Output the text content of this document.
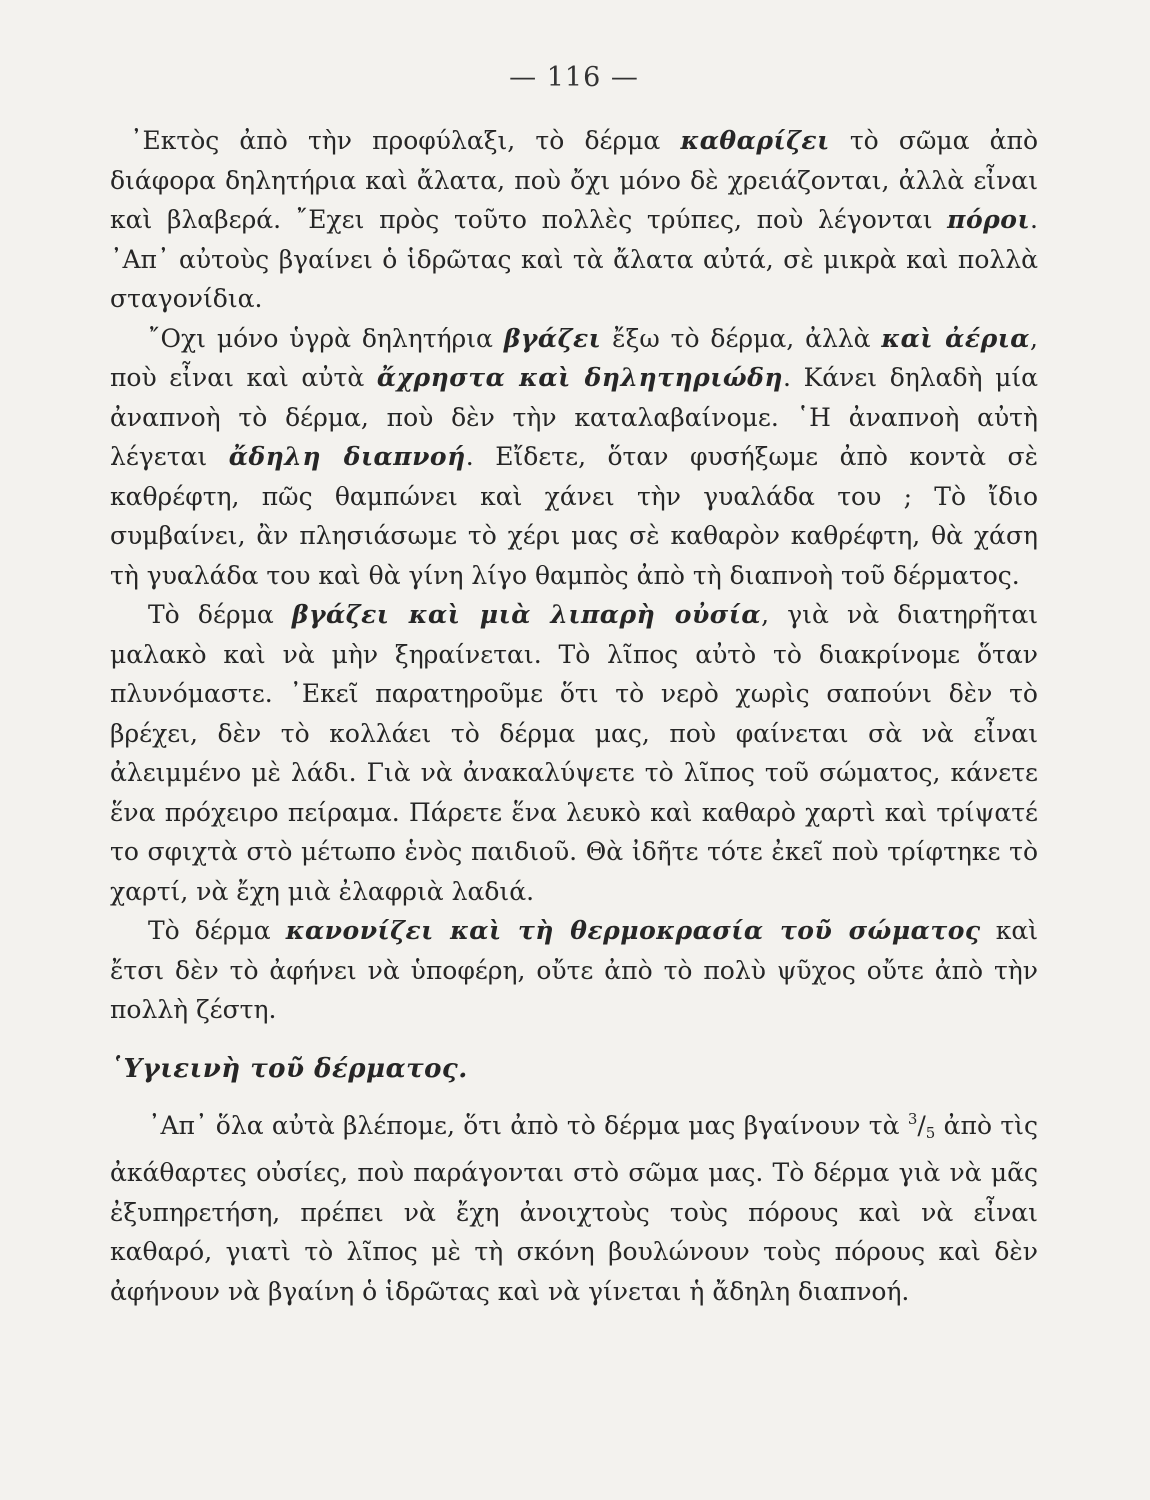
— 116 —

᾿Εκτὸς ἀπὸ τὴν προφύλαξι, τὸ δέρμα καθαρίζει τὸ σῶμα ἀπὸ διάφορα δηλητήρια καὶ ἄλατα, ποὺ ὄχι μόνο δὲ χρειάζονται, ἀλλὰ εἶναι καὶ βλαβερά. ῎Εχει πρὸς τοῦτο πολλὲς τρύπες, ποὺ λέγονται πόροι. ᾿Απ᾿ αὐτοὺς βγαίνει ὁ ἱδρῶτας καὶ τὰ ἄλατα αὐτά, σὲ μικρὰ καὶ πολλὰ σταγονίδια.

῎Οχι μόνο ὑγρὰ δηλητήρια βγάζει ἔξω τὸ δέρμα, ἀλλὰ καὶ ἀέρια, ποὺ εἶναι καὶ αὐτὰ ἄχρηστα καὶ δηλητηριώδη. Κάνει δηλαδὴ μία ἀναπνοὴ τὸ δέρμα, ποὺ δὲν τὴν καταλαβαίνομε. ῾Η ἀναπνοὴ αὐτὴ λέγεται ἄδηλη διαπνοή. Εἴδετε, ὅταν φυσήξωμε ἀπὸ κοντὰ σὲ καθρέφτη, πῶς θαμπώνει καὶ χάνει τὴν γυαλάδα του ; Τὸ ἴδιο συμβαίνει, ἂν πλησιάσωμε τὸ χέρι μας σὲ καθαρὸν καθρέφτη, θὰ χάση τὴ γυαλάδα του καὶ θὰ γίνη λίγο θαμπὸς ἀπὸ τὴ διαπνοὴ τοῦ δέρματος.

Τὸ δέρμα βγάζει καὶ μιὰ λιπαρὴ οὐσία, γιὰ νὰ διατηρῆται μαλακὸ καὶ νὰ μὴν ξηραίνεται. Τὸ λῖπος αὐτὸ τὸ διακρίνομε ὅταν πλυνόμαστε. ᾿Εκεῖ παρατηροῦμε ὅτι τὸ νερὸ χωρὶς σαπούνι δὲν τὸ βρέχει, δὲν τὸ κολλάει τὸ δέρμα μας, ποὺ φαίνεται σὰ νὰ εἶναι ἀλειμμένο μὲ λάδι. Γιὰ νὰ ἀνακαλύψετε τὸ λῖπος τοῦ σώματος, κάνετε ἕνα πρόχειρο πείραμα. Πάρετε ἕνα λευκὸ καὶ καθαρὸ χαρτὶ καὶ τρίψατέ το σφιχτὰ στὸ μέτωπο ἑνὸς παιδιοῦ. Θὰ ἰδῆτε τότε ἐκεῖ ποὺ τρίφτηκε τὸ χαρτί, νὰ ἔχη μιὰ ἐλαφριὰ λαδιά.

Τὸ δέρμα κανονίζει καὶ τὴ θερμοκρασία τοῦ σώματος καὶ ἔτσι δὲν τὸ ἀφήνει νὰ ὑποφέρη, οὔτε ἀπὸ τὸ πολὺ ψῦχος οὔτε ἀπὸ τὴν πολλὴ ζέστη.

῾Υγιεινὴ τοῦ δέρματος.

᾿Απ᾿ ὅλα αὐτὰ βλέπομε, ὅτι ἀπὸ τὸ δέρμα μας βγαίνουν τὰ $^3/_5$ ἀπὸ τὶς ἀκάθαρτες οὐσίες, ποὺ παράγονται στὸ σῶμα μας. Τὸ δέρμα γιὰ νὰ μᾶς ἐξυπηρετήση, πρέπει νὰ ἔχη ἀνοιχτοὺς τοὺς πόρους καὶ νὰ εἶναι καθαρό, γιατὶ τὸ λῖπος μὲ τὴ σκόνη βουλώνουν τοὺς πόρους καὶ δὲν ἀφήνουν νὰ βγαίνη ὁ ἱδρῶτας καὶ νὰ γίνεται ἡ ἄδηλη διαπνοή.
